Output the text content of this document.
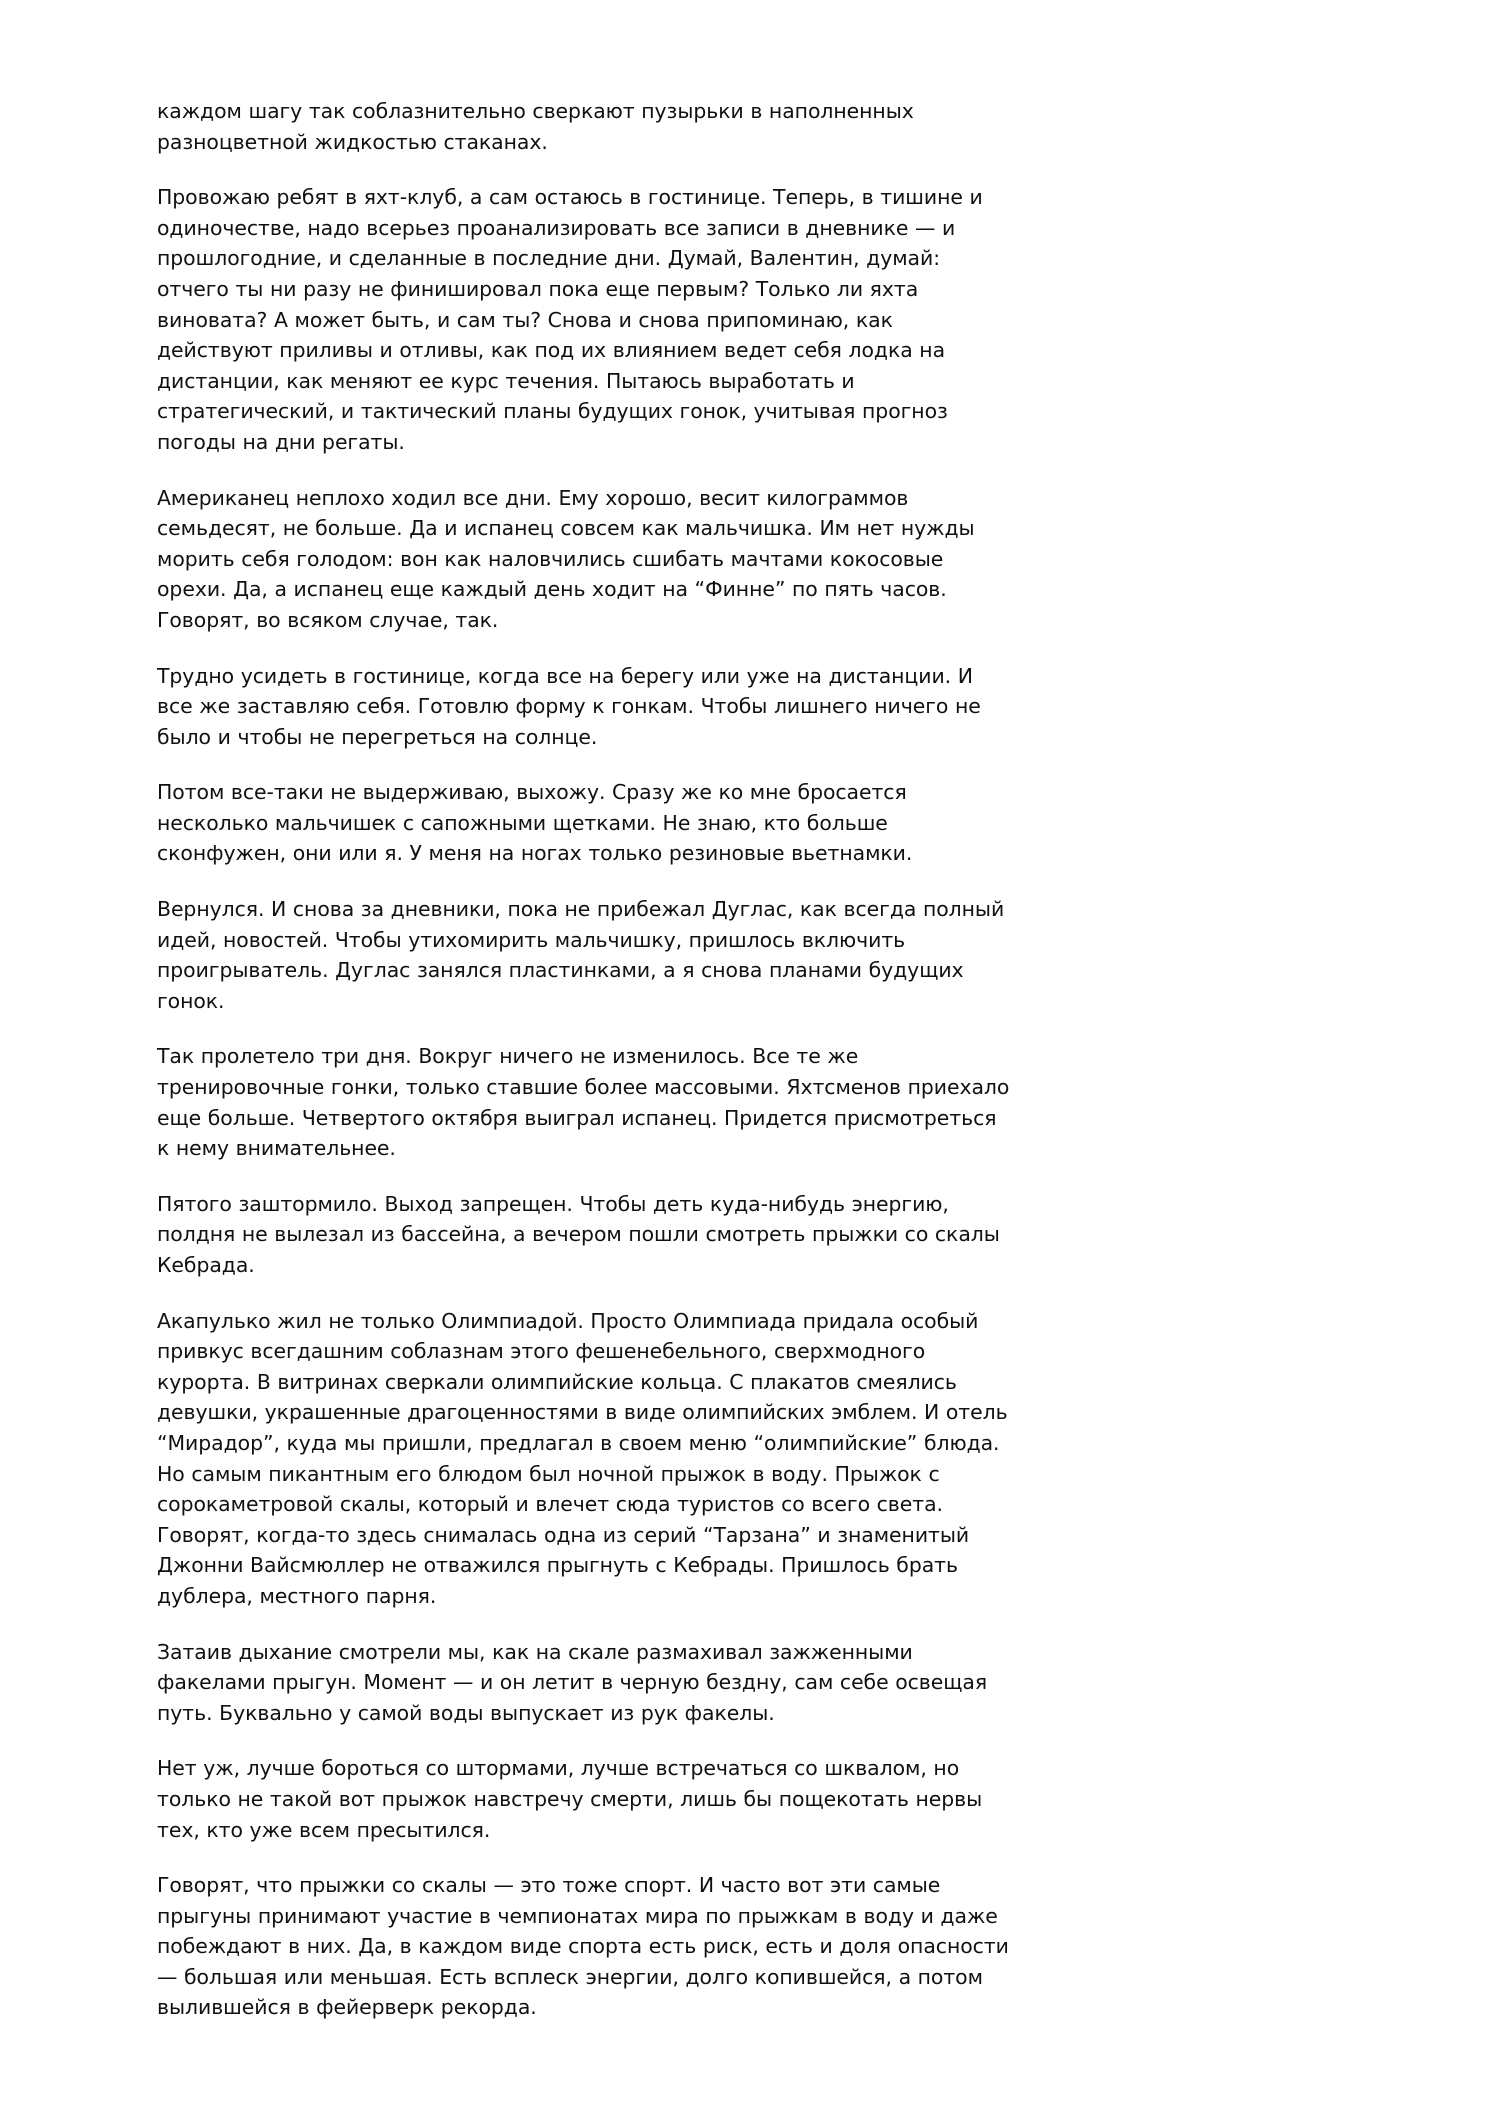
каждом шагу так соблазнительно сверкают пузырьки в наполненных разноцветной жидкостью стаканах.

Провожаю ребят в яхт-клуб, а сам остаюсь в гостинице. Теперь, в тишине и одиночестве, надо всерьез проанализировать все записи в дневнике — и прошлогодние, и сделанные в последние дни. Думай, Валентин, думай: отчего ты ни разу не финишировал пока еще первым? Только ли яхта виновата? А может быть, и сам ты? Снова и снова припоминаю, как действуют приливы и отливы, как под их влиянием ведет себя лодка на дистанции, как меняют ее курс течения. Пытаюсь выработать и стратегический, и тактический планы будущих гонок, учитывая прогноз погоды на дни регаты.

Американец неплохо ходил все дни. Ему хорошо, весит килограммов семьдесят, не больше. Да и испанец совсем как мальчишка. Им нет нужды морить себя голодом: вон как наловчились сшибать мачтами кокосовые орехи. Да, а испанец еще каждый день ходит на “Финне” по пять часов. Говорят, во всяком случае, так.

Трудно усидеть в гостинице, когда все на берегу или уже на дистанции. И все же заставляю себя. Готовлю форму к гонкам. Чтобы лишнего ничего не было и чтобы не перегреться на солнце.

Потом все-таки не выдерживаю, выхожу. Сразу же ко мне бросается несколько мальчишек с сапожными щетками. Не знаю, кто больше сконфужен, они или я. У меня на ногах только резиновые вьетнамки.

Вернулся. И снова за дневники, пока не прибежал Дуглас, как всегда полный идей, новостей. Чтобы утихомирить мальчишку, пришлось включить проигрыватель. Дуглас занялся пластинками, а я снова планами будущих гонок.

Так пролетело три дня. Вокруг ничего не изменилось. Все те же тренировочные гонки, только ставшие более массовыми. Яхтсменов приехало еще больше. Четвертого октября выиграл испанец. Придется присмотреться к нему внимательнее.

Пятого заштормило. Выход запрещен. Чтобы деть куда-нибудь энергию, полдня не вылезал из бассейна, а вечером пошли смотреть прыжки со скалы Кебрада.

Акапулько жил не только Олимпиадой. Просто Олимпиада придала особый привкус всегдашним соблазнам этого фешенебельного, сверхмодного курорта. В витринах сверкали олимпийские кольца. С плакатов смеялись девушки, украшенные драгоценностями в виде олимпийских эмблем. И отель “Мирадор”, куда мы пришли, предлагал в своем меню “олимпийские” блюда. Но самым пикантным его блюдом был ночной прыжок в воду. Прыжок с сорокаметровой скалы, который и влечет сюда туристов со всего света. Говорят, когда-то здесь снималась одна из серий “Тарзана” и знаменитый Джонни Вайсмюллер не отважился прыгнуть с Кебрады. Пришлось брать дублера, местного парня.

Затаив дыхание смотрели мы, как на скале размахивал зажженными факелами прыгун. Момент — и он летит в черную бездну, сам себе освещая путь. Буквально у самой воды выпускает из рук факелы.

Нет уж, лучше бороться со штормами, лучше встречаться со шквалом, но только не такой вот прыжок навстречу смерти, лишь бы пощекотать нервы тех, кто уже всем пресытился.

Говорят, что прыжки со скалы — это тоже спорт. И часто вот эти самые прыгуны принимают участие в чемпионатах мира по прыжкам в воду и даже побеждают в них. Да, в каждом виде спорта есть риск, есть и доля опасности — большая или меньшая. Есть всплеск энергии, долго копившейся, а потом вылившейся в фейерверк рекорда.
